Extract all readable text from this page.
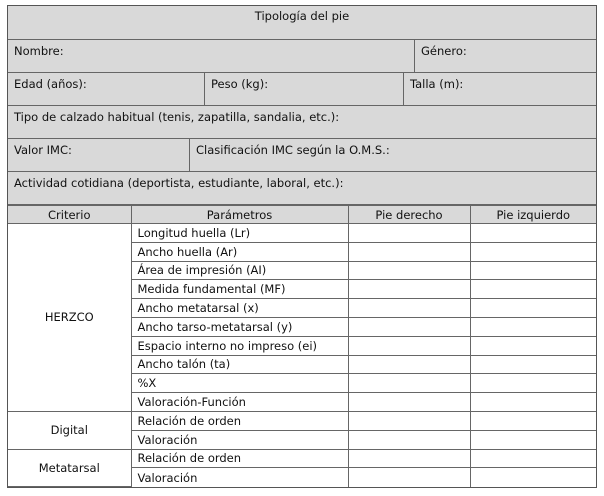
Tipología del pie
Nombre:	Género:
Edad (años):	Peso (kg):	Talla (m):
Tipo de calzado habitual (tenis, zapatilla, sandalia, etc.):
Valor IMC:	Clasificación IMC según la O.M.S.:
Actividad cotidiana (deportista, estudiante, laboral, etc.):
Criterio	Parámetros	Pie derecho	Pie izquierdo
HERZCO	Longitud huella (Lr)		
	Ancho huella (Ar)		
	Área de impresión (AI)		
	Medida fundamental (MF)		
	Ancho metatarsal (x)		
	Ancho tarso-metatarsal (y)		
	Espacio interno no impreso (ei)		
	Ancho talón (ta)		
	%X		
	Valoración-Función		
Digital	Relación de orden		
	Valoración		
Metatarsal	Relación de orden		
	Valoración		
